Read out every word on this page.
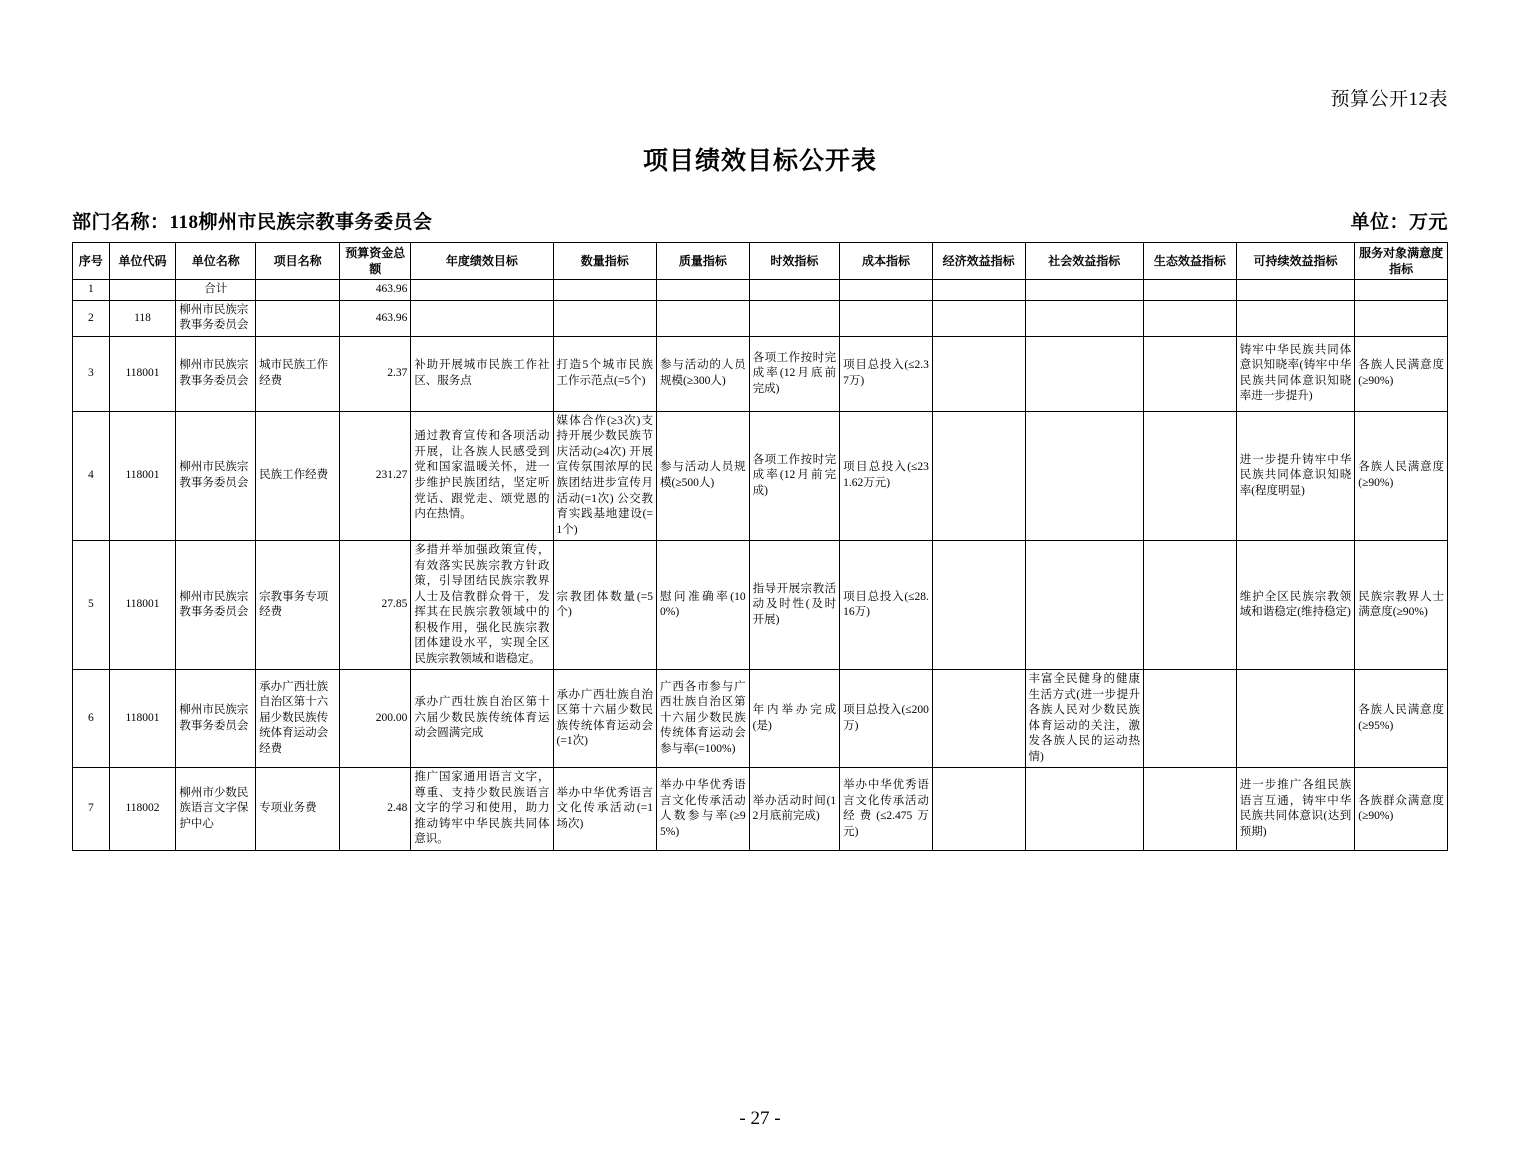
预算公开12表
项目绩效目标公开表
部门名称：118柳州市民族宗教事务委员会	单位：万元
序号	单位代码	单位名称	项目名称	预算资金总额	年度绩效目标	数量指标	质量指标	时效指标	成本指标	经济效益指标	社会效益指标	生态效益指标	可持续效益指标	服务对象满意度指标
1		合计		463.96										
2	118	柳州市民族宗教事务委员会		463.96										
3	118001	柳州市民族宗教事务委员会	城市民族工作经费	2.37	补助开展城市民族工作社区、服务点	打造5个城市民族工作示范点(=5个)	参与活动的人员规模(≥300人)	各项工作按时完成率(12月底前完成)	项目总投入(≤2.37万)				铸牢中华民族共同体意识知晓率(铸牢中华民族共同体意识知晓率进一步提升)	各族人民满意度(≥90%)
4	118001	柳州市民族宗教事务委员会	民族工作经费	231.27	通过教育宣传和各项活动开展，让各族人民感受到党和国家温暖关怀，进一步维护民族团结，坚定听党话、跟党走、颂党恩的内在热情。	媒体合作(≥3次)支持开展少数民族节庆活动(≥4次) 开展宣传氛围浓厚的民族团结进步宣传月活动(=1次) 公交教育实践基地建设(=1个)	参与活动人员规模(≥500人)	各项工作按时完成率(12月前完成)	项目总投入(≤231.62万元)				进一步提升铸牢中华民族共同体意识知晓率(程度明显)	各族人民满意度(≥90%)
5	118001	柳州市民族宗教事务委员会	宗教事务专项经费	27.85	多措并举加强政策宣传，有效落实民族宗教方针政策，引导团结民族宗教界人士及信教群众骨干，发挥其在民族宗教领域中的积极作用，强化民族宗教团体建设水平，实现全区民族宗教领域和谐稳定。	宗教团体数量(=5个)	慰问准确率(100%)	指导开展宗教活动及时性(及时开展)	项目总投入(≤28.16万)				维护全区民族宗教领域和谐稳定(维持稳定)	民族宗教界人士满意度(≥90%)
6	118001	柳州市民族宗教事务委员会	承办广西壮族自治区第十六届少数民族传统体育运动会经费	200.00	承办广西壮族自治区第十六届少数民族传统体育运动会圆满完成	承办广西壮族自治区第十六届少数民族传统体育运动会(=1次)	广西各市参与广西壮族自治区第十六届少数民族传统体育运动会参与率(=100%)	年内举办完成(是)	项目总投入(≤200万)		丰富全民健身的健康生活方式(进一步提升各族人民对少数民族体育运动的关注，激发各族人民的运动热情)			各族人民满意度(≥95%)
7	118002	柳州市少数民族语言文字保护中心	专项业务费	2.48	推广国家通用语言文字，尊重、支持少数民族语言文字的学习和使用，助力推动铸牢中华民族共同体意识。	举办中华优秀语言文化传承活动(=1场次)	举办中华优秀语言文化传承活动人数参与率(≥95%)	举办活动时间(12月底前完成)	举办中华优秀语言文化传承活动经费(≤2.475万元)				进一步推广各组民族语言互通，铸牢中华民族共同体意识(达到预期)	各族群众满意度(≥90%)
- 27 -
